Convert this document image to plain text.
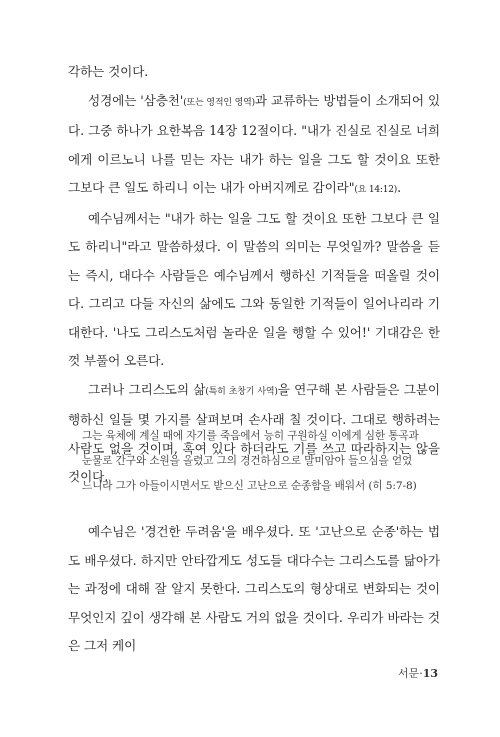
각하는 것이다.

성경에는 '삼층천'(또는 영적인 영역)과 교류하는 방법들이 소개되어 있다. 그중 하나가 요한복음 14장 12절이다. "내가 진실로 진실로 너희에게 이르노니 나를 믿는 자는 내가 하는 일을 그도 할 것이요 또한 그보다 큰 일도 하리니 이는 내가 아버지께로 감이라"(요 14:12).

예수님께서는 "내가 하는 일을 그도 할 것이요 또한 그보다 큰 일도 하리니"라고 말씀하셨다. 이 말씀의 의미는 무엇일까? 말씀을 듣는 즉시, 대다수 사람들은 예수님께서 행하신 기적들을 떠올릴 것이다. 그리고 다들 자신의 삶에도 그와 동일한 기적들이 일어나리라 기대한다. '나도 그리스도처럼 놀라운 일을 행할 수 있어!' 기대감은 한껏 부풀어 오른다.

그러나 그리스도의 삶(특히 초창기 사역)을 연구해 본 사람들은 그분이 행하신 일들 몇 가지를 살펴보며 손사래 칠 것이다. 그대로 행하려는 사람도 없을 것이며, 혹여 있다 하더라도 기를 쓰고 따라하지는 않을 것이다.

그는 육체에 계실 때에 자기를 죽음에서 능히 구원하실 이에게 심한 통곡과

눈물로 간구와 소원을 올렸고 그의 경건하심으로 말미암아 들으심을 얻었

느니라 그가 아들이시면서도 받으신 고난으로 순종함을 배워서 (히 5:7-8)

예수님은 '경건한 두려움'을 배우셨다. 또 '고난으로 순종'하는 법도 배우셨다. 하지만 안타깝게도 성도들 대다수는 그리스도를 닮아가는 과정에 대해 잘 알지 못한다. 그리스도의 형상대로 변화되는 것이 무엇인지 깊이 생각해 본 사람도 거의 없을 것이다. 우리가 바라는 것은 그저 케이

서문·13
